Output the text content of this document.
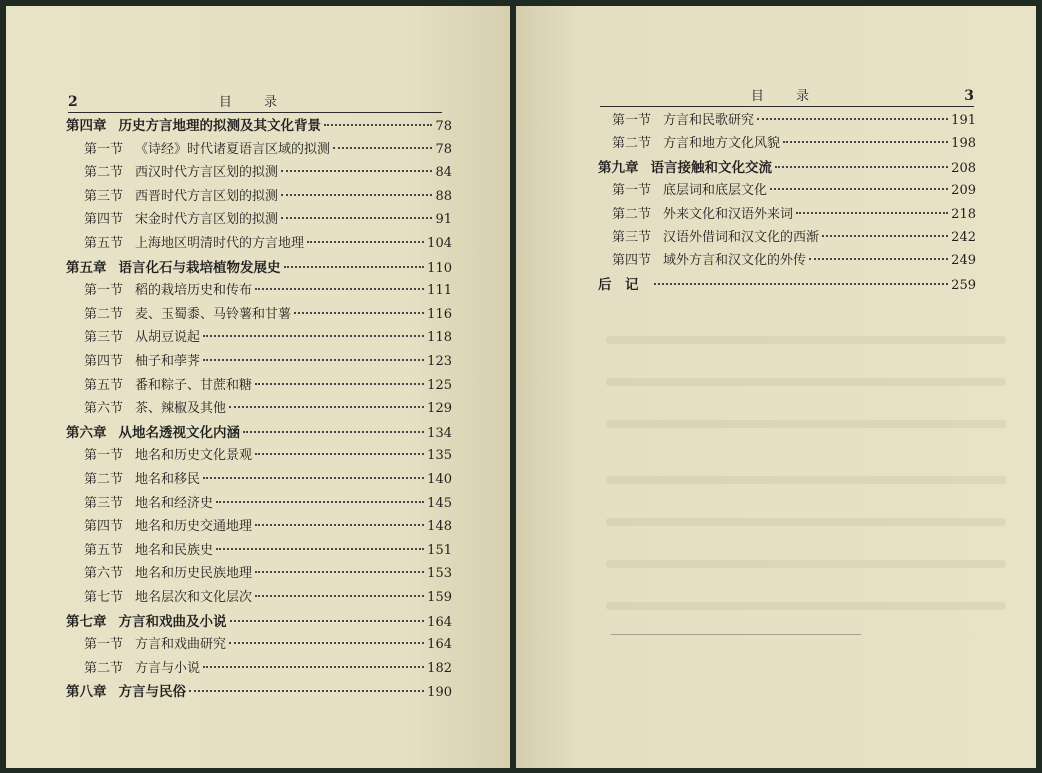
2	目 录
第四章 历史方言地理的拟测及其文化背景	78
第一节 《诗经》时代诸夏语言区域的拟测	78
第二节 西汉时代方言区划的拟测	84
第三节 西晋时代方言区划的拟测	88
第四节 宋金时代方言区划的拟测	91
第五节 上海地区明清时代的方言地理	104
第五章 语言化石与栽培植物发展史	110
第一节 稻的栽培历史和传布	111
第二节 麦、玉蜀黍、马铃薯和甘薯	116
第三节 从胡豆说起	118
第四节 柚子和荸荠	123
第五节 番和粽子、甘蔗和糖	125
第六节 茶、辣椒及其他	129
第六章 从地名透视文化内涵	134
第一节 地名和历史文化景观	135
第二节 地名和移民	140
第三节 地名和经济史	145
第四节 地名和历史交通地理	148
第五节 地名和民族史	151
第六节 地名和历史民族地理	153
第七节 地名层次和文化层次	159
第七章 方言和戏曲及小说	164
第一节 方言和戏曲研究	164
第二节 方言与小说	182
第八章 方言与民俗	190
目 录	3
第一节 方言和民歌研究	191
第二节 方言和地方文化风貌	198
第九章 语言接触和文化交流	208
第一节 底层词和底层文化	209
第二节 外来文化和汉语外来词	218
第三节 汉语外借词和汉文化的西渐	242
第四节 域外方言和汉文化的外传	249
后　记	259
